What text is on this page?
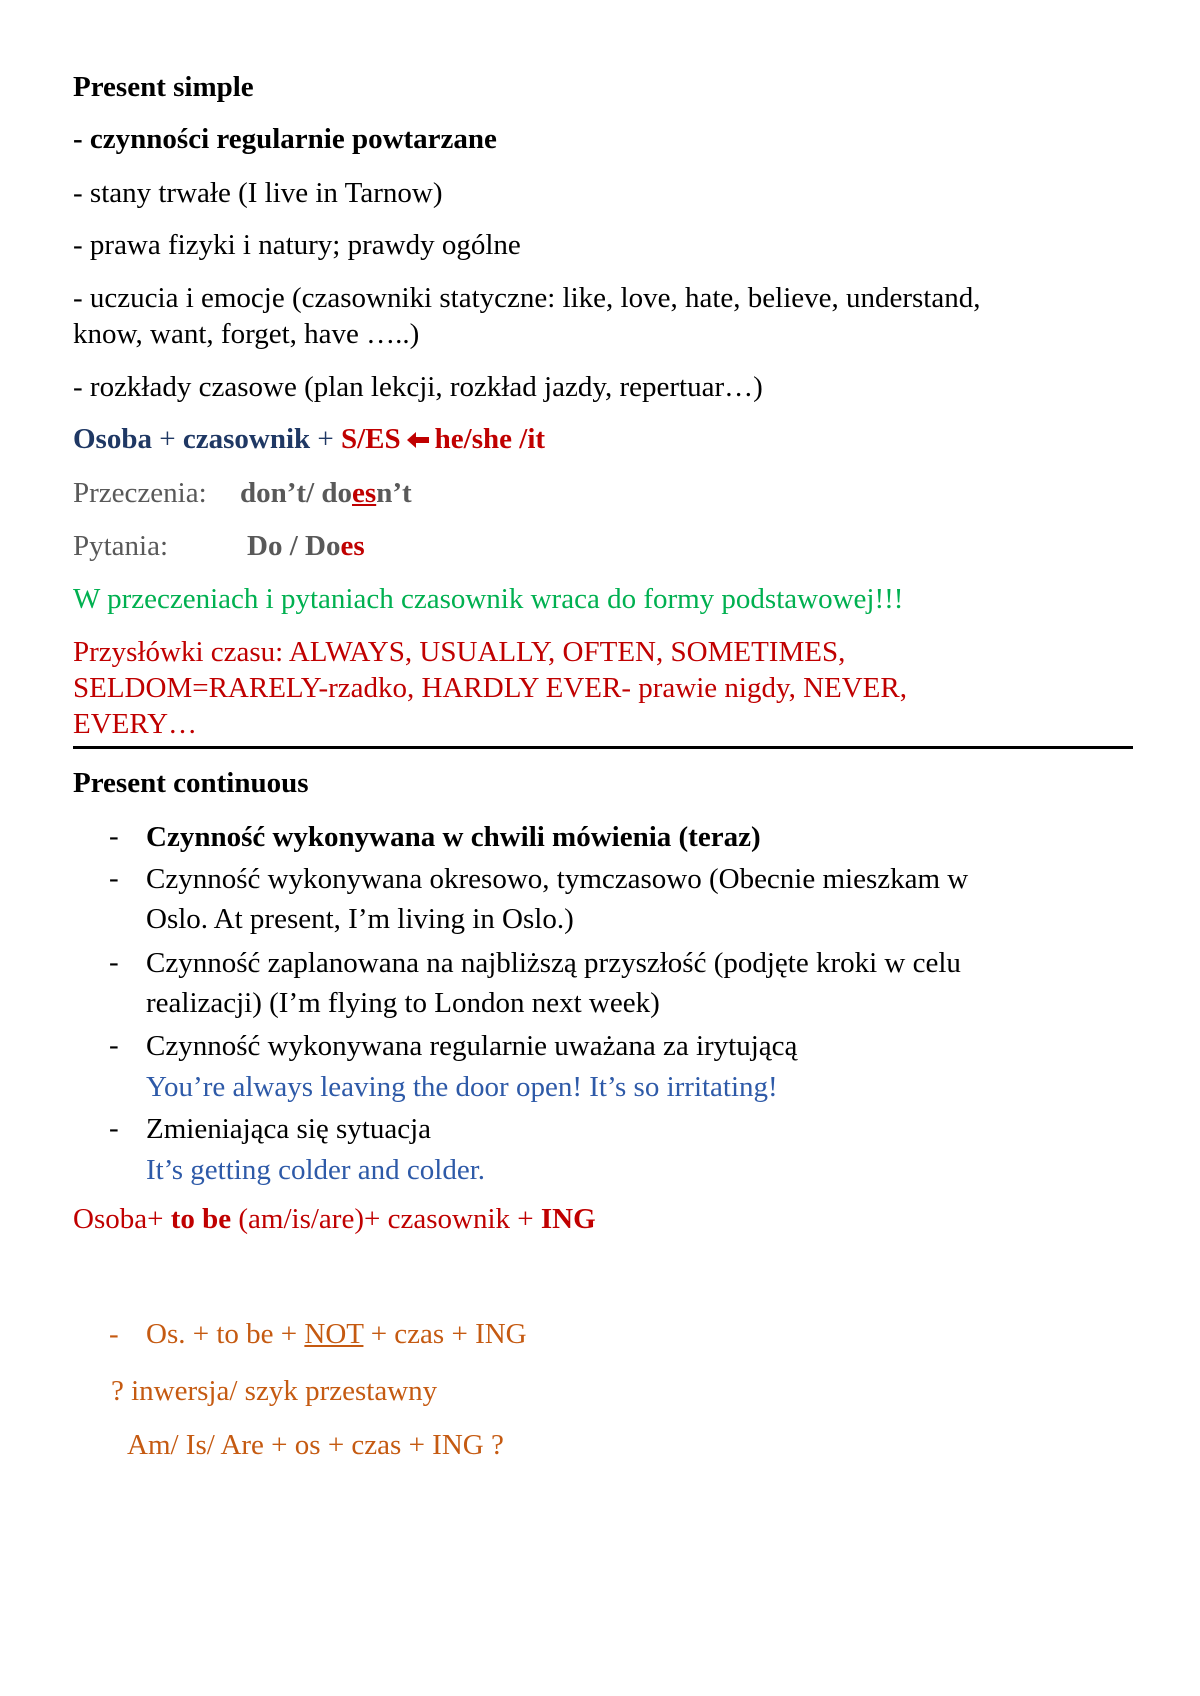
Present simple
- czynności regularnie powtarzane
- stany trwałe (I live in Tarnow)
- prawa fizyki i natury; prawdy ogólne
- uczucia i emocje (czasowniki statyczne: like, love, hate, believe, understand,
know, want, forget, have …..)
- rozkłady czasowe (plan lekcji, rozkład jazdy, repertuar…)
Osoba + czasownik + S/ES he/she /it
Przeczenia: don’t/ doesn’t
Pytania:	Do / Does
W przeczeniach i pytaniach czasownik wraca do formy podstawowej!!!
Przysłówki czasu: ALWAYS, USUALLY, OFTEN, SOMETIMES,
SELDOM=RARELY-rzadko, HARDLY EVER- prawie nigdy, NEVER,
EVERY…
Present continuous
- Czynność wykonywana w chwili mówienia (teraz)
- Czynność wykonywana okresowo, tymczasowo (Obecnie mieszkam w
Oslo. At present, I’m living in Oslo.)
- Czynność zaplanowana na najbliższą przyszłość (podjęte kroki w celu
realizacji) (I’m flying to London next week)
- Czynność wykonywana regularnie uważana za irytującą
You’re always leaving the door open! It’s so irritating!
- Zmieniająca się sytuacja
It’s getting colder and colder.
Osoba+ to be (am/is/are)+ czasownik + ING
- Os. + to be + NOT + czas + ING
? inwersja/ szyk przestawny
Am/ Is/ Are + os + czas + ING ?
